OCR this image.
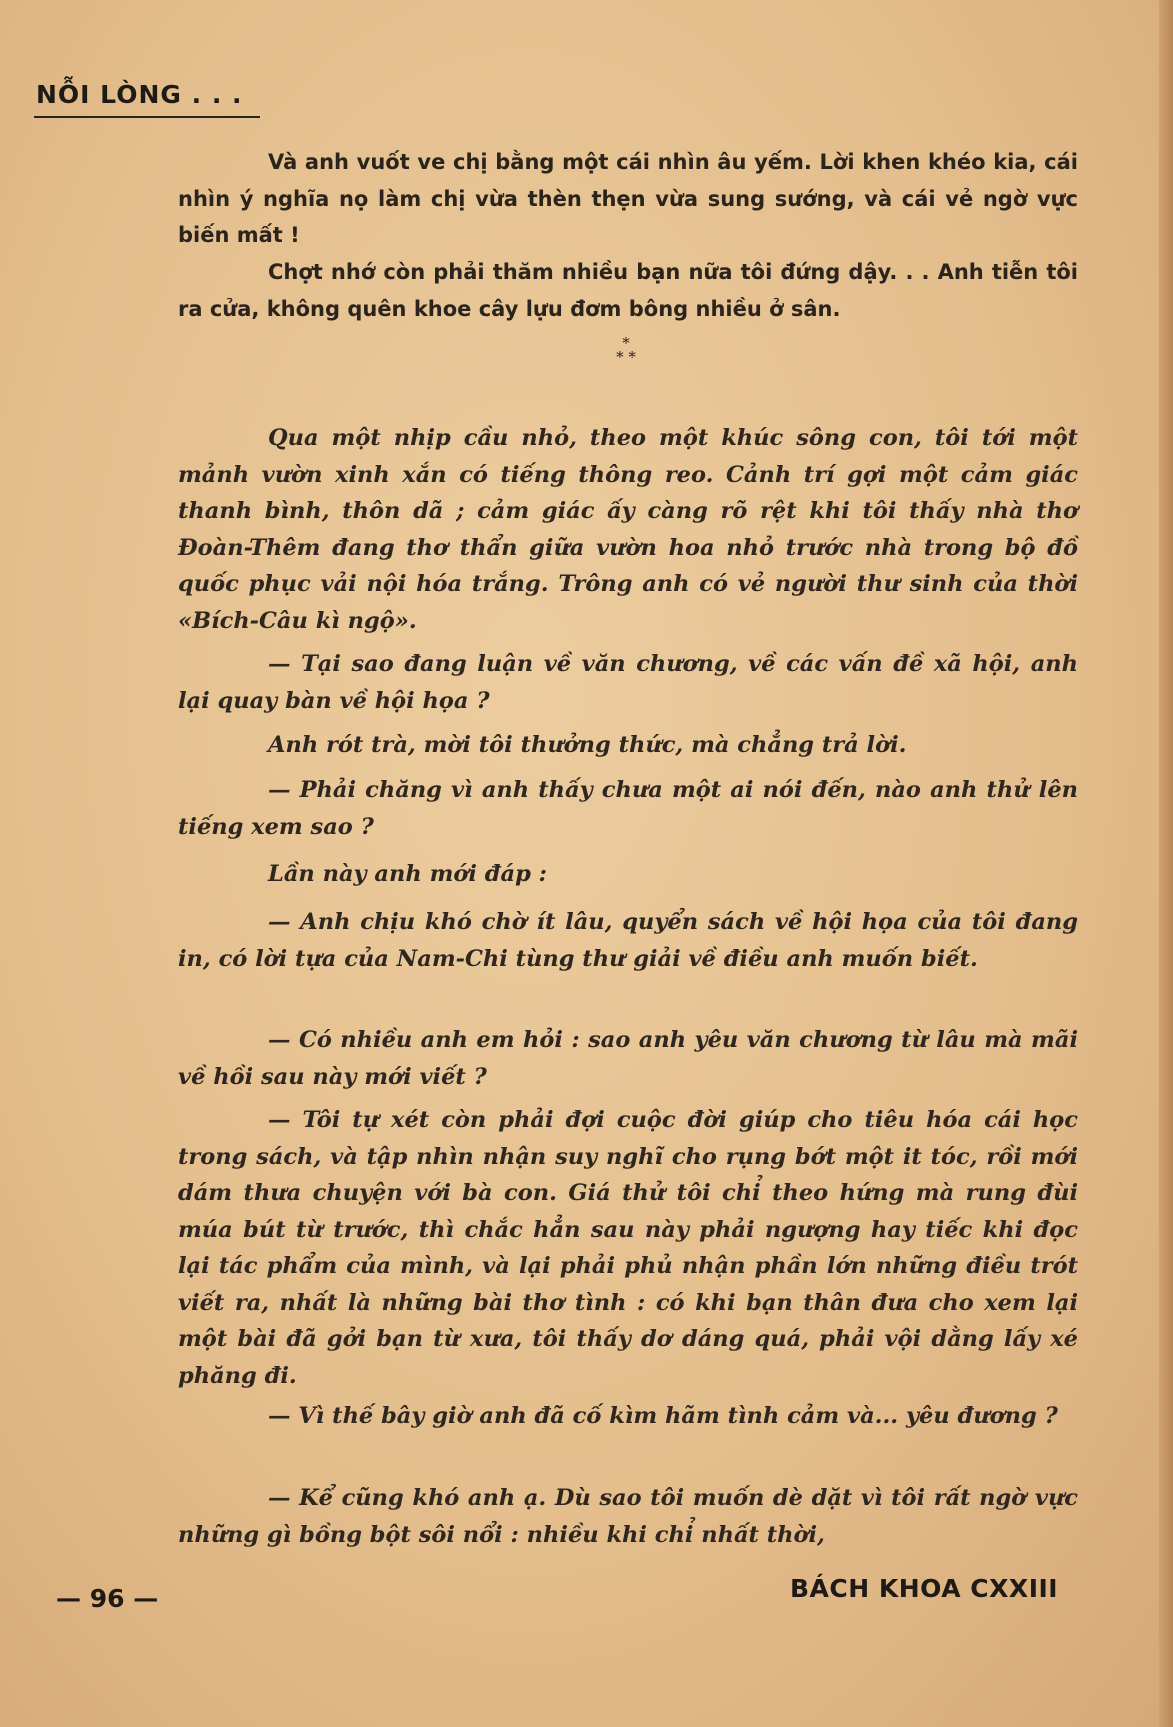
NỖI LÒNG . . .

Và anh vuốt ve chị bằng một cái nhìn âu yếm. Lời khen khéo kia, cái nhìn ý nghĩa nọ làm chị vừa thèn thẹn vừa sung sướng, và cái vẻ ngờ vực biến mất !

Chợt nhớ còn phải thăm nhiều bạn nữa tôi đứng dậy. . . Anh tiễn tôi ra cửa, không quên khoe cây lựu đơm bông nhiều ở sân.

*
* *

Qua một nhịp cầu nhỏ, theo một khúc sông con, tôi tới một mảnh vườn xinh xắn có tiếng thông reo. Cảnh trí gợi một cảm giác thanh bình, thôn dã ; cảm giác ấy càng rõ rệt khi tôi thấy nhà thơ Đoàn-Thêm đang thơ thẩn giữa vườn hoa nhỏ trước nhà trong bộ đồ quốc phục vải nội hóa trắng. Trông anh có vẻ người thư sinh của thời «Bích-Câu kì ngộ».

— Tại sao đang luận về văn chương, về các vấn đề xã hội, anh lại quay bàn về hội họa ?

Anh rót trà, mời tôi thưởng thức, mà chẳng trả lời.

— Phải chăng vì anh thấy chưa một ai nói đến, nào anh thử lên tiếng xem sao ?

Lần này anh mới đáp :

— Anh chịu khó chờ ít lâu, quyển sách về hội họa của tôi đang in, có lời tựa của Nam-Chi tùng thư giải về điều anh muốn biết.

— Có nhiều anh em hỏi : sao anh yêu văn chương từ lâu mà mãi về hồi sau này mới viết ?

— Tôi tự xét còn phải đợi cuộc đời giúp cho tiêu hóa cái học trong sách, và tập nhìn nhận suy nghĩ cho rụng bớt một it tóc, rồi mới dám thưa chuyện với bà con. Giá thử tôi chỉ theo hứng mà rung đùi múa bút từ trước, thì chắc hẳn sau này phải ngượng hay tiếc khi đọc lại tác phẩm của mình, và lại phải phủ nhận phần lớn những điều trót viết ra, nhất là những bài thơ tình : có khi bạn thân đưa cho xem lại một bài đã gởi bạn từ xưa, tôi thấy dơ dáng quá, phải vội dằng lấy xé phăng đi.

— Vì thế bây giờ anh đã cố kìm hãm tình cảm và... yêu đương ?

— Kể cũng khó anh ạ. Dù sao tôi muốn dè dặt vì tôi rất ngờ vực những gì bồng bột sôi nổi : nhiều khi chỉ nhất thời,

— 96 —	BÁCH KHOA CXXIII
